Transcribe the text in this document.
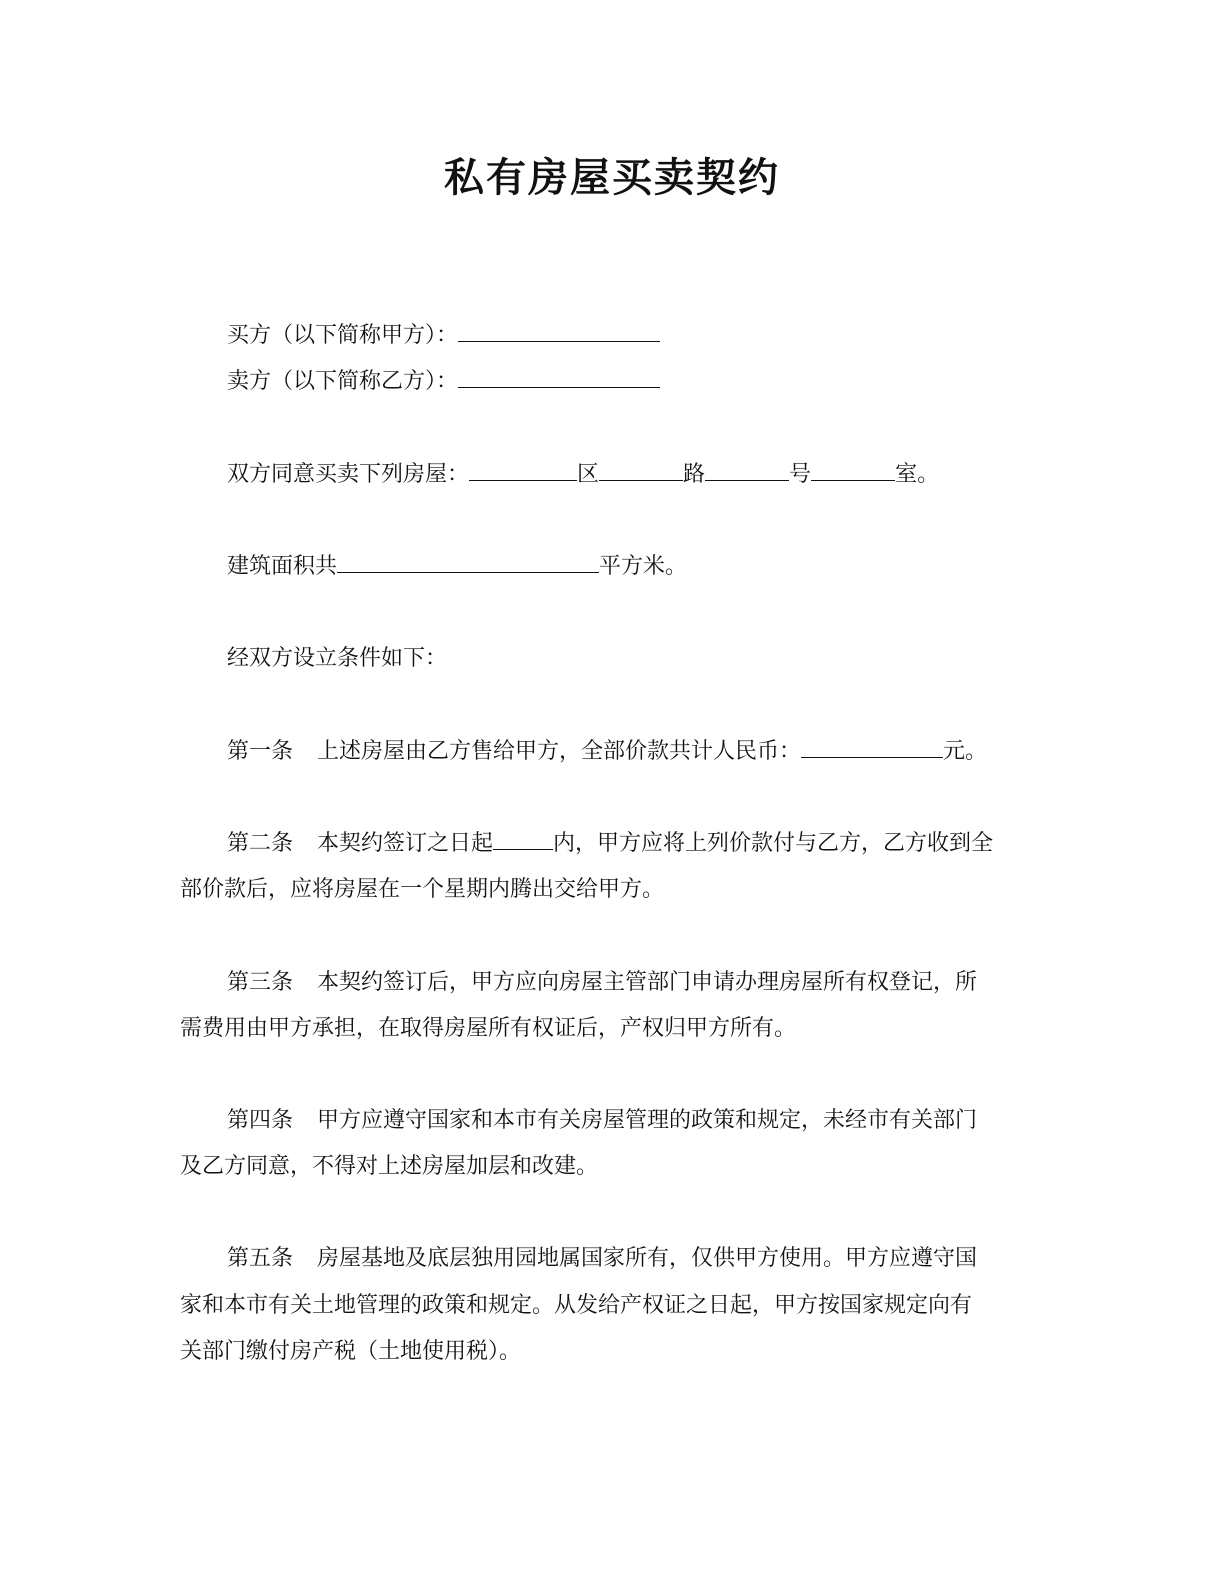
私有房屋买卖契约
买方（以下简称甲方）：
卖方（以下简称乙方）：
双方同意买卖下列房屋：	区	路	号	室。
建筑面积共	平方米。
经双方设立条件如下：
第一条 上述房屋由乙方售给甲方，全部价款共计人民币：	元。
第二条 本契约签订之日起	内，甲方应将上列价款付与乙方，乙方收到全
部价款后，应将房屋在一个星期内腾出交给甲方。
第三条 本契约签订后，甲方应向房屋主管部门申请办理房屋所有权登记，所
需费用由甲方承担，在取得房屋所有权证后，产权归甲方所有。
第四条 甲方应遵守国家和本市有关房屋管理的政策和规定，未经市有关部门
及乙方同意，不得对上述房屋加层和改建。
第五条 房屋基地及底层独用园地属国家所有，仅供甲方使用。甲方应遵守国
家和本市有关土地管理的政策和规定。从发给产权证之日起，甲方按国家规定向有
关部门缴付房产税（土地使用税）。
